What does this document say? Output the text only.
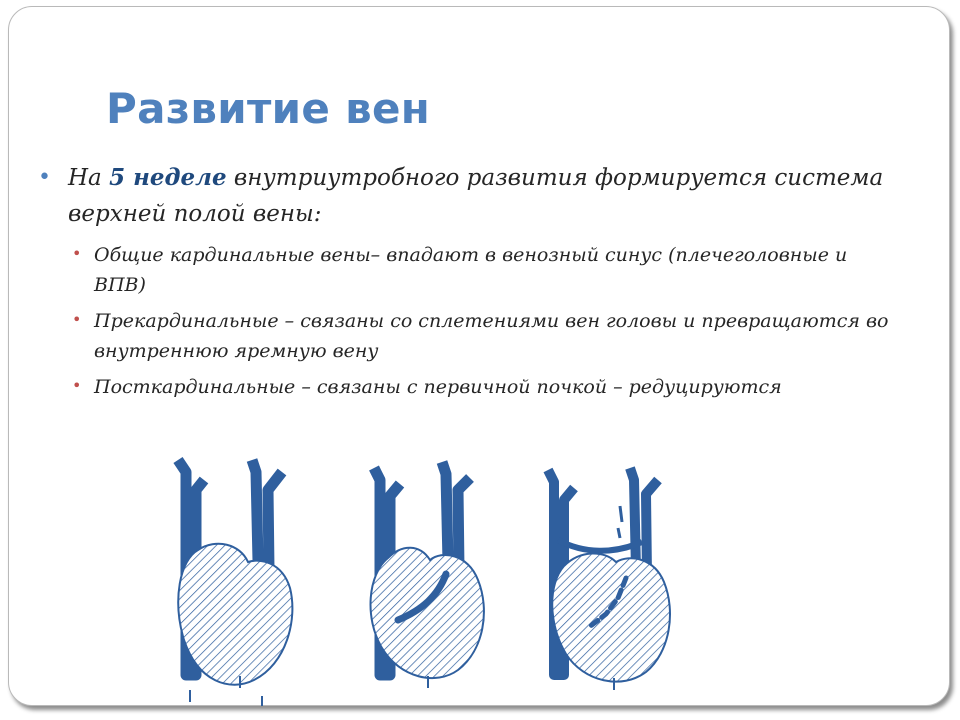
Развитие вен
• На 5 неделе внутриутробного развития формируется система верхней полой вены:
• Общие кардинальные вены– впадают в венозный синус (плечеголовные и ВПВ)
• Прекардинальные – связаны со сплетениями вен головы и превращаются во внутреннюю яремную вену
• Посткардинальные – связаны с первичной почкой – редуцируются
